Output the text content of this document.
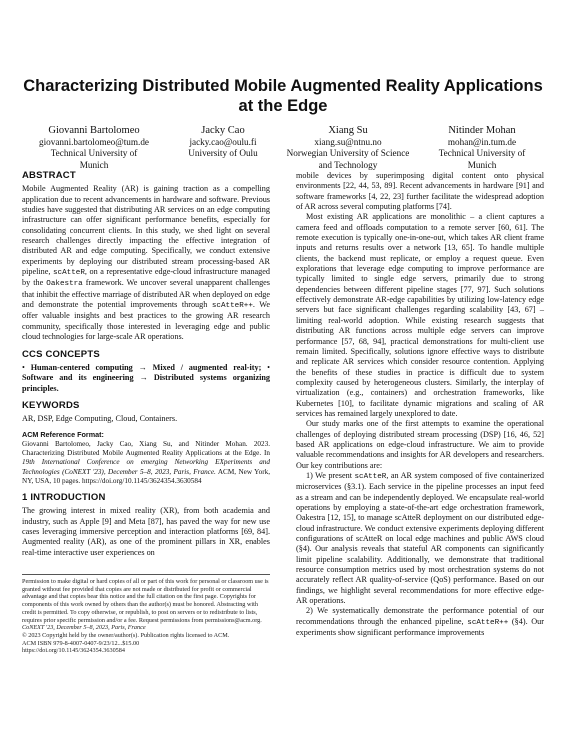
Characterizing Distributed Mobile Augmented Reality Applications at the Edge
Giovanni Bartolomeo
giovanni.bartolomeo@tum.de
Technical University of Munich
Jacky Cao
jacky.cao@oulu.fi
University of Oulu
Xiang Su
xiang.su@ntnu.no
Norwegian University of Science and Technology
Nitinder Mohan
mohan@in.tum.de
Technical University of Munich
ABSTRACT

Mobile Augmented Reality (AR) is gaining traction as a compelling application due to recent advancements in hardware and software. Previous studies have suggested that distributing AR services on an edge computing infrastructure can offer significant performance benefits, especially for consolidating concurrent clients. In this study, we shed light on several research challenges directly impacting the effective integration of distributed AR and edge computing. Specifically, we conduct extensive experiments by deploying our distributed stream processing-based AR pipeline, scAtteR, on a representative edge-cloud infrastructure managed by the Oakestra framework. We uncover several unapparent challenges that inhibit the effective marriage of distributed AR when deployed on edge and demonstrate the potential improvements through scAtteR++. We offer valuable insights and best practices to the growing AR research community, specifically those interested in leveraging edge and public cloud technologies for large-scale AR operations.

CCS CONCEPTS

• Human-centered computing → Mixed / augmented real-ity; • Software and its engineering → Distributed systems organizing principles.

KEYWORDS

AR, DSP, Edge Computing, Cloud, Containers.

ACM Reference Format:

Giovanni Bartolomeo, Jacky Cao, Xiang Su, and Nitinder Mohan. 2023. Characterizing Distributed Mobile Augmented Reality Applications at the Edge. In 19th International Conference on emerging Networking EXperiments and Technologies (CoNEXT '23), December 5–8, 2023, Paris, France. ACM, New York, NY, USA, 10 pages. https://doi.org/10.1145/3624354.3630584

1 INTRODUCTION

The growing interest in mixed reality (XR), from both academia and industry, such as Apple [9] and Meta [87], has paved the way for new use cases leveraging immersive perception and interaction platforms [69, 84]. Augmented reality (AR), as one of the prominent pillars in XR, enables real-time interactive user experiences on

Permission to make digital or hard copies of all or part of this work for personal or classroom use is granted without fee provided that copies are not made or distributed for profit or commercial advantage and that copies bear this notice and the full citation on the first page. Copyrights for components of this work owned by others than the author(s) must be honored. Abstracting with credit is permitted. To copy otherwise, or republish, to post on servers or to redistribute to lists, requires prior specific permission and/or a fee. Request permissions from permissions@acm.org.

CoNEXT '23, December 5–8, 2023, Paris, France

© 2023 Copyright held by the owner/author(s). Publication rights licensed to ACM.

ACM ISBN 979-8-4007-0407-9/23/12...$15.00

https://doi.org/10.1145/3624354.3630584

mobile devices by superimposing digital content onto physical environments [22, 44, 53, 89]. Recent advancements in hardware [91] and software frameworks [4, 22, 23] further facilitate the widespread adoption of AR across several computing platforms [74].

Most existing AR applications are monolithic – a client captures a camera feed and offloads computation to a remote server [60, 61]. The remote execution is typically one-in-one-out, which takes AR client frame inputs and returns results over a network [13, 65]. To handle multiple clients, the backend must replicate, or employ a request queue. Even explorations that leverage edge computing to improve performance are typically limited to single edge servers, primarily due to strong dependencies between different pipeline stages [77, 97]. Such solutions effectively demonstrate AR-edge capabilities by utilizing low-latency edge servers but face significant challenges regarding scalability [43, 67] – limiting real-world adoption. While existing research suggests that distributing AR functions across multiple edge servers can improve performance [57, 68, 94], practical demonstrations for multi-client use remain limited. Specifically, solutions ignore effective ways to distribute and replicate AR services which consider resource contention. Applying the benefits of these studies in practice is difficult due to system complexity caused by heterogeneous clusters. Similarly, the interplay of virtualization (e.g., containers) and orchestration frameworks, like Kubernetes [10], to facilitate dynamic migrations and scaling of AR services has remained largely unexplored to date.

Our study marks one of the first attempts to examine the operational challenges of deploying distributed stream processing (DSP) [16, 46, 52] based AR applications on edge-cloud infrastructure. We aim to provide valuable recommendations and insights for AR developers and researchers. Our key contributions are:

1) We present scAtteR, an AR system composed of five containerized microservices (§3.1). Each service in the pipeline processes an input feed as a stream and can be independently deployed. We encapsulate real-world operations by employing a state-of-the-art edge orchestration framework, Oakestra [12, 15], to manage scAtteR deployment on our distributed edge-cloud infrastructure. We conduct extensive experiments deploying different configurations of scAtteR on local edge machines and public AWS cloud (§4). Our analysis reveals that stateful AR components can significantly limit pipeline scalability. Additionally, we demonstrate that traditional resource consumption metrics used by most orchestration systems do not accurately reflect AR quality-of-service (QoS) performance. Based on our findings, we highlight several recommendations for more effective edge-AR operations.

2) We systematically demonstrate the performance potential of our recommendations through the enhanced pipeline, scAtteR++ (§4). Our experiments show significant performance improvements
